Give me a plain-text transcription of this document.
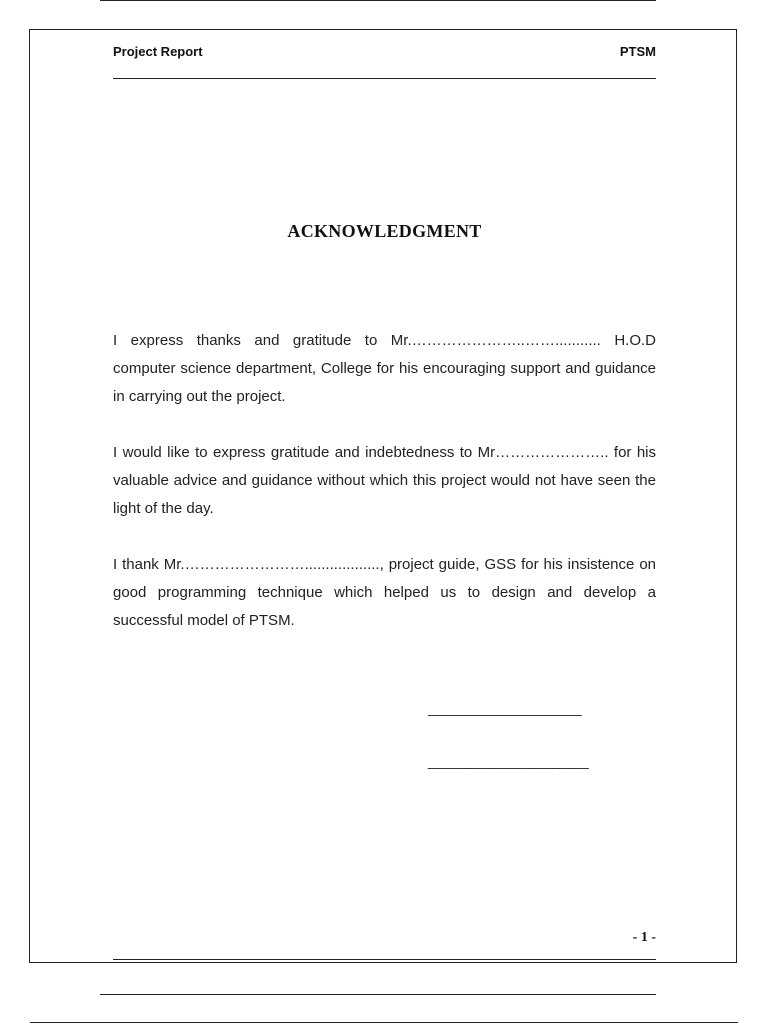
Project Report	PTSM
ACKNOWLEDGMENT

I express thanks and gratitude to Mr.…………………..……........... H.O.D computer science department, College for his encouraging support and guidance in carrying out the project.

I would like to express gratitude and indebtedness to Mr………………….. for his valuable advice and guidance without which this project would not have seen the light of the day.

I thank Mr.…………………….................., project guide, GSS for his insistence on good programming technique which helped us to design and develop a successful model of PTSM.

_____________________
______________________
- 1 -
